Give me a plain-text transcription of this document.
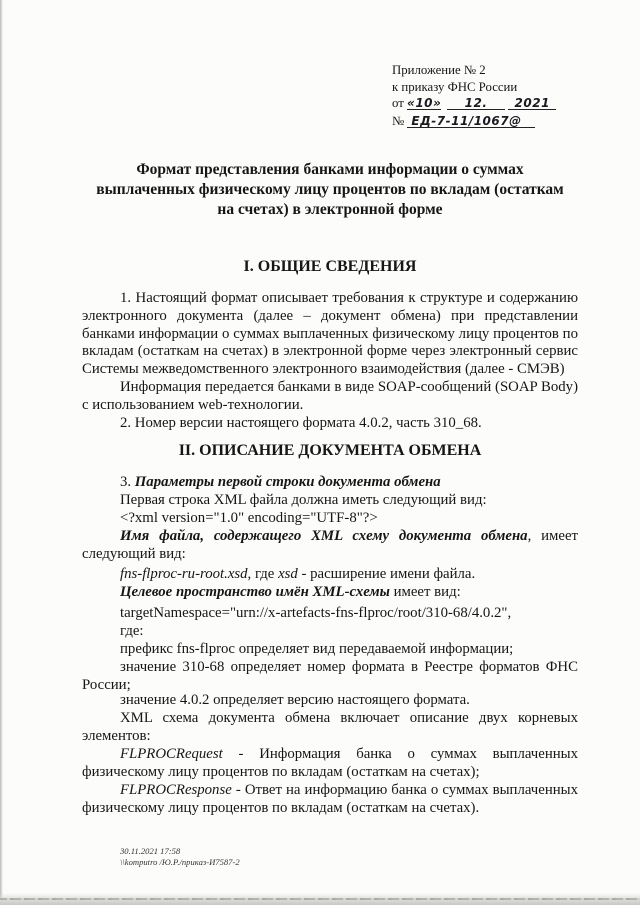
Приложение № 2
к приказу ФНС России
от «10» 12. 2021
№ ЕД-7-11/1067@
Формат представления банками информации о суммах
выплаченных физическому лицу процентов по вкладам (остаткам
на счетах) в электронной форме
I. ОБЩИЕ СВЕДЕНИЯ
1. Настоящий формат описывает требования к структуре и содержанию электронного документа (далее – документ обмена) при представлении банками информации о суммах выплаченных физическому лицу процентов по вкладам (остаткам на счетах) в электронной форме через электронный сервис Системы межведомственного электронного взаимодействия (далее - СМЭВ)
Информация передается банками в виде SOAP-сообщений (SOAP Body) с использованием web-технологии.
2. Номер версии настоящего формата 4.0.2, часть 310_68.
II. ОПИСАНИЕ ДОКУМЕНТА ОБМЕНА
3. Параметры первой строки документа обмена
Первая строка XML файла должна иметь следующий вид:
<?xml version="1.0" encoding="UTF-8"?>
Имя файла, содержащего XML схему документа обмена, имеет следующий вид:
fns-flproc-ru-root.xsd, где xsd - расширение имени файла.
Целевое пространство имён XML-схемы имеет вид:
targetNamespace="urn://x-artefacts-fns-flproc/root/310-68/4.0.2",
где:
префикс fns-flproc определяет вид передаваемой информации;
значение 310-68 определяет номер формата в Реестре форматов ФНС России;
значение 4.0.2 определяет версию настоящего формата.
XML схема документа обмена включает описание двух корневых элементов:
FLPROCRequest - Информация банка о суммах выплаченных физическому лицу процентов по вкладам (остаткам на счетах);
FLPROCResponse - Ответ на информацию банка о суммах выплаченных физическому лицу процентов по вкладам (остаткам на счетах).
30.11.2021 17:58
\\komputro /Ю.Р./приказ-И7587-2
